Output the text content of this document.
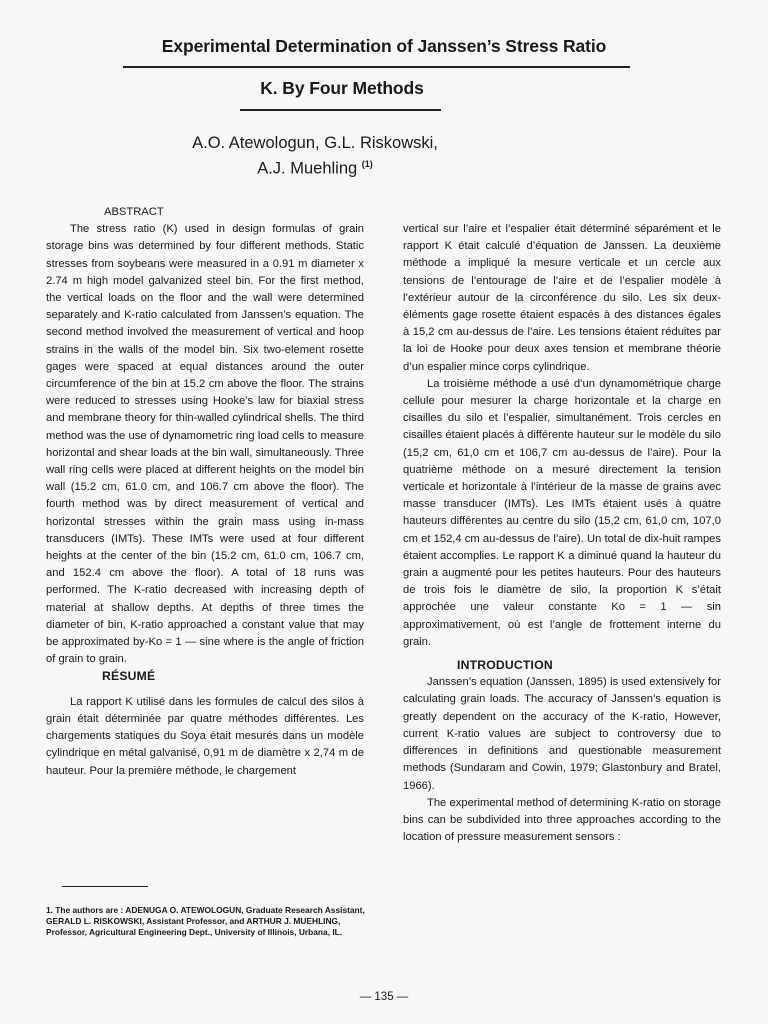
Experimental Determination of Janssen’s Stress Ratio
K. By Four Methods
A.O. Atewologun, G.L. Riskowski,
A.J. Muehling $^{(1)}$

ABSTRACT

The stress ratio (K) used in design formulas of grain storage bins was determined by four different methods. Static stresses from soybeans were measured in a 0.91 m diameter x 2.74 m high model galvanized steel bin. For the first method, the vertical loads on the floor and the wall were determined separately and K-ratio calculated from Janssen’s equation. The second method involved the measurement of vertical and hoop strains in the walls of the model bin. Six two-element rosette gages were spaced at equal distances around the outer circumference of the bin at 15.2 cm above the floor. The strains were reduced to stresses using Hooke’s law for biaxial stress and membrane theory for thin-walled cylindrical shells. The third method was the use of dynamometric ring load cells to measure horizontal and shear loads at the bin wall, simultaneously. Three wall ring cells were placed at different heights on the model bin wall (15.2 cm, 61.0 cm, and 106.7 cm above the floor). The fourth method was by direct measurement of vertical and horizontal stresses within the grain mass using in-mass transducers (IMTs). These IMTs were used at four different heights at the center of the bin (15.2 cm, 61.0 cm, 106.7 cm, and 152.4 cm above the floor). A total of 18 runs was performed. The K-ratio decreased with increasing depth of material at shallow depths. At depths of three times the diameter of bin, K-ratio approached a constant value that may be approximated by-Ko = 1 — sine where is the angle of friction of grain to grain.

RÉSUMÉ

La rapport K utilisé dans les formules de calcul des silos à grain était déterminée par quatre méthodes différentes. Les chargements statiques du Soya était mesurés dans un modèle cylindrique en métal galvanisé, 0,91 m de diamètre x 2,74 m de hauteur. Pour la première méthode, le chargement

vertical sur l’aire et l’espalier était déterminé séparément et le rapport K était calculé d’équation de Janssen. La deuxième méthode a impliqué la mesure verticale et un cercle aux tensions de l’entourage de l’aire et de l’espalier modèle à l’extérieur autour de la circonférence du silo. Les six deux-éléments gage rosette étaient espacés à des distances égales à 15,2 cm au-dessus de l’aire. Les tensions étaient réduites par la loi de Hooke pour deux axes tension et membrane théorie d’un espalier mince corps cylindrique.

La troisième méthode a usé d’un dynamométrique charge cellule pour mesurer la charge horizontale et la charge en cisailles du silo et l’espalier, simultanément. Trois cercles en cisailles étaient placés à différente hauteur sur le modèle du silo (15,2 cm, 61,0 cm et 106,7 cm au-dessus de l’aire). Pour la quatrième méthode on a mesuré directement la tension verticale et horizontale à l’intérieur de la masse de grains avec masse transducer (IMTs). Les IMTs étaient usés à quatre hauteurs différentes au centre du silo (15,2 cm, 61,0 cm, 107,0 cm et 152,4 cm au-dessus de l’aire). Un total de dix-huit rampes étaient accomplies. Le rapport K a diminué quand la hauteur du grain a augmenté pour les petites hauteurs. Pour des hauteurs de trois fois le diamètre de silo, la proportion K s’était approchée une valeur constante Ko = 1 — sin approximativement, où est l’angle de frottement interne du grain.

INTRODUCTION

Janssen’s equation (Janssen, 1895) is used extensively for calculating grain loads. The accuracy of Janssen’s equation is greatly dependent on the accuracy of the K-ratio, However, current K-ratio values are subject to controversy due to differences in definitions and questionable measurement methods (Sundaram and Cowin, 1979; Glastonbury and Bratel, 1966).

The experimental method of determining K-ratio on storage bins can be subdivided into three approaches according to the location of pressure measurement sensors :

1. The authors are : ADENUGA O. ATEWOLOGUN, Graduate Research Assistant, GERALD L. RISKOWSKI, Assistant Professor, and ARTHUR J. MUEHLING, Professor, Agricultural Engineering Dept., University of Illinois, Urbana, IL.
— 135 —
